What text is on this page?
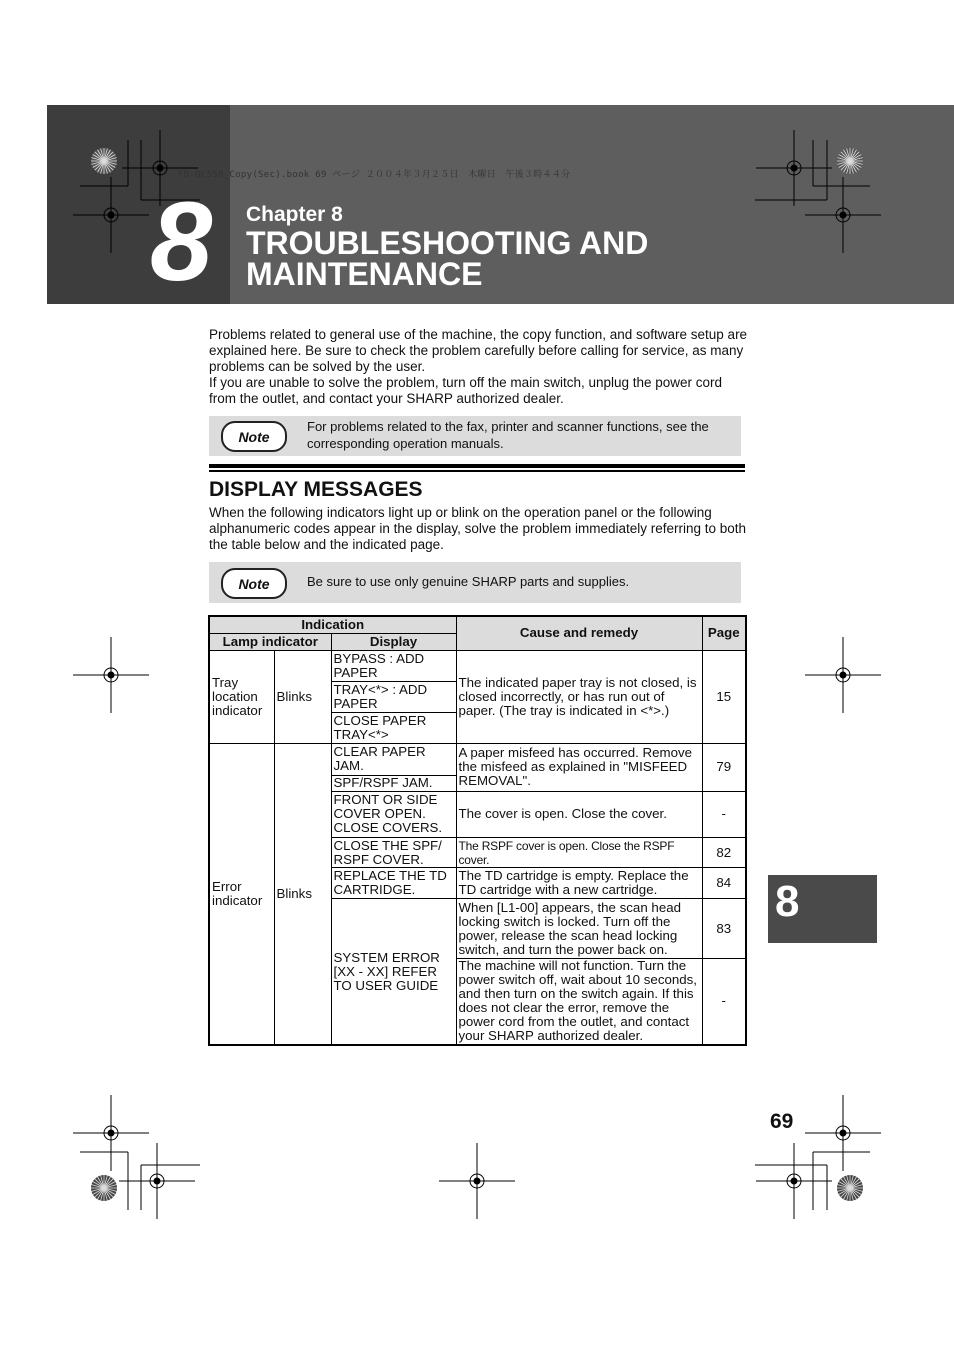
8 Chapter 8
TROUBLESHOOTING AND MAINTENANCE
FO-DC550_Copy(Sec).book 69 ページ ２００４年３月２５日　木曜日　午後３時４４分
Problems related to general use of the machine, the copy function, and software setup are explained here. Be sure to check the problem carefully before calling for service, as many problems can be solved by the user.
If you are unable to solve the problem, turn off the main switch, unplug the power cord from the outlet, and contact your SHARP authorized dealer.
Note
For problems related to the fax, printer and scanner functions, see the corresponding operation manuals.
DISPLAY MESSAGES
When the following indicators light up or blink on the operation panel or the following alphanumeric codes appear in the display, solve the problem immediately referring to both the table below and the indicated page.
Note	Be sure to use only genuine SHARP parts and supplies.
Indication			Cause and remedy	Page
Lamp indicator		Display		
Tray location indicator	Blinks	BYPASS : ADD PAPER	The indicated paper tray is not closed, is closed incorrectly, or has run out of paper. (The tray is indicated in <*>.)	15
		TRAY<*> : ADD PAPER		
		CLOSE PAPER TRAY<*>		
Error indicator	Blinks	CLEAR PAPER JAM.	A paper misfeed has occurred. Remove the misfeed as explained in "MISFEED REMOVAL".	79
		SPF/RSPF JAM.		
		FRONT OR SIDE COVER OPEN. CLOSE COVERS.	The cover is open. Close the cover.	-
		CLOSE THE SPF/ RSPF COVER.	The RSPF cover is open. Close the RSPF cover.	82
		REPLACE THE TD CARTRIDGE.	The TD cartridge is empty. Replace the TD cartridge with a new cartridge.	84
		SYSTEM ERROR [XX - XX] REFER TO USER GUIDE	When [L1-00] appears, the scan head locking switch is locked. Turn off the power, release the scan head locking switch, and turn the power back on.	83
			The machine will not function. Turn the power switch off, wait about 10 seconds, and then turn on the switch again. If this does not clear the error, remove the power cord from the outlet, and contact your SHARP authorized dealer.	-
8
69
